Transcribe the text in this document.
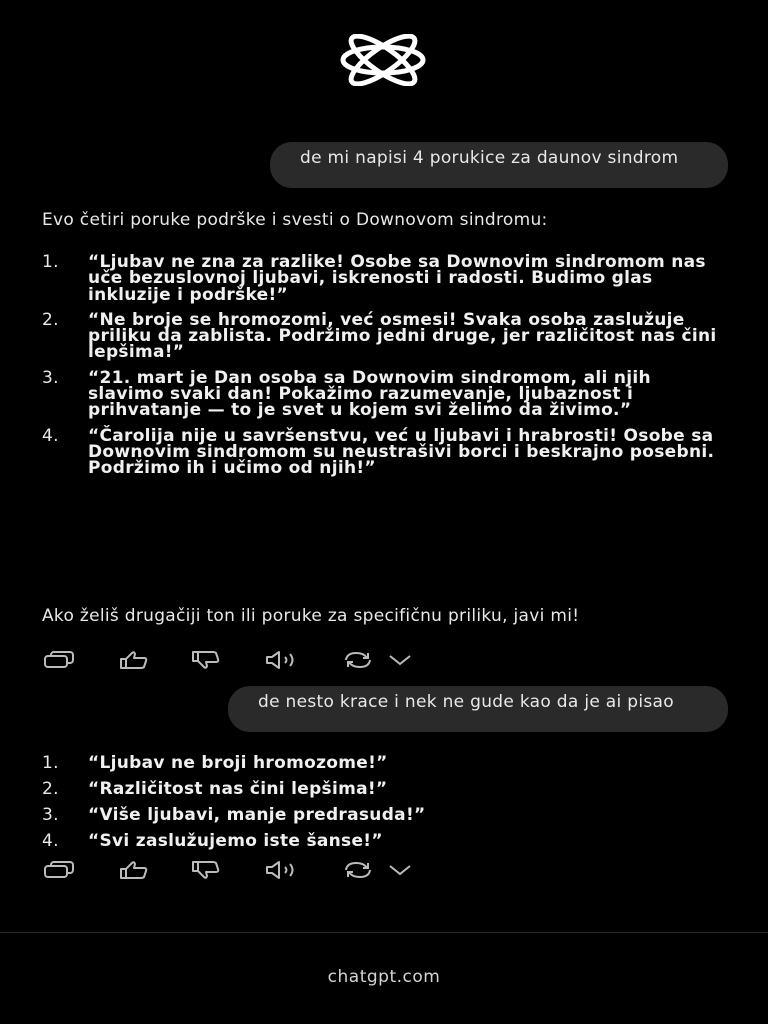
de mi napisi 4 porukice za daunov sindrom
Evo četiri poruke podrške i svesti o Downovom sindromu:
1. “Ljubav ne zna za razlike! Osobe sa Downovim sindromom nas uče bezuslovnoj ljubavi, iskrenosti i radosti. Budimo glas inkluzije i podrške!”
2. “Ne broje se hromozomi, već osmesi! Svaka osoba zaslužuje priliku da zablista. Podržimo jedni druge, jer različitost nas čini lepšima!”
3. “21. mart je Dan osoba sa Downovim sindromom, ali njih slavimo svaki dan! Pokažimo razumevanje, ljubaznost i prihvatanje — to je svet u kojem svi želimo da živimo.”
4. “Čarolija nije u savršenstvu, već u ljubavi i hrabrosti! Osobe sa Downovim sindromom su neustrašivi borci i beskrajno posebni. Podržimo ih i učimo od njih!”
Ako želiš drugačiji ton ili poruke za specifičnu priliku, javi mi!
de nesto krace i nek ne gude kao da je ai pisao
1. “Ljubav ne broji hromozome!”
2. “Različitost nas čini lepšima!”
3. “Više ljubavi, manje predrasuda!”
4. “Svi zaslužujemo iste šanse!”
chatgpt.com
